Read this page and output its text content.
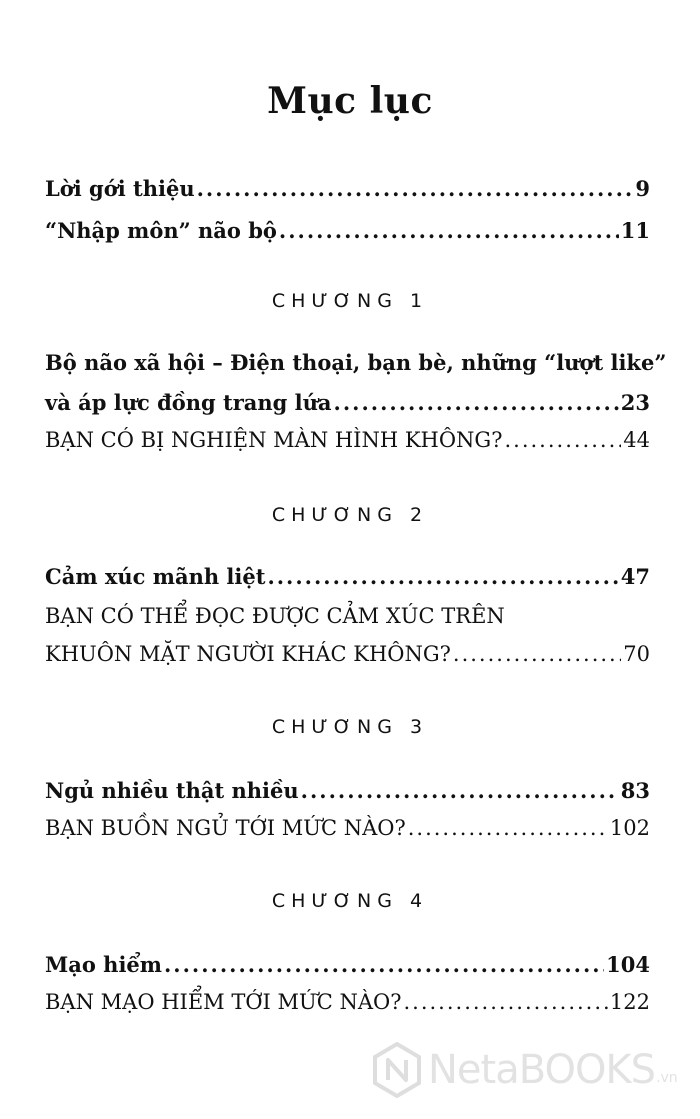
Mục lục
Lời gới thiệu .....	9
“Nhập môn” não bộ .....	11
CHƯƠNG 1
Bộ não xã hội – Điện thoại, bạn bè, những “lượt like”
và áp lực đồng trang lứa .....	23
BẠN CÓ BỊ NGHIỆN MÀN HÌNH KHÔNG? .....	44
CHƯƠNG 2
Cảm xúc mãnh liệt .....	47
BẠN CÓ THỂ ĐỌC ĐƯỢC CẢM XÚC TRÊN
KHUÔN MẶT NGƯỜI KHÁC KHÔNG? .....	70
CHƯƠNG 3
Ngủ nhiều thật nhiều .....	83
BẠN BUỒN NGỦ TỚI MỨC NÀO? .....	102
CHƯƠNG 4
Mạo hiểm .....	104
BẠN MẠO HIỂM TỚI MỨC NÀO? .....	122
NetaBOOKS .vn
